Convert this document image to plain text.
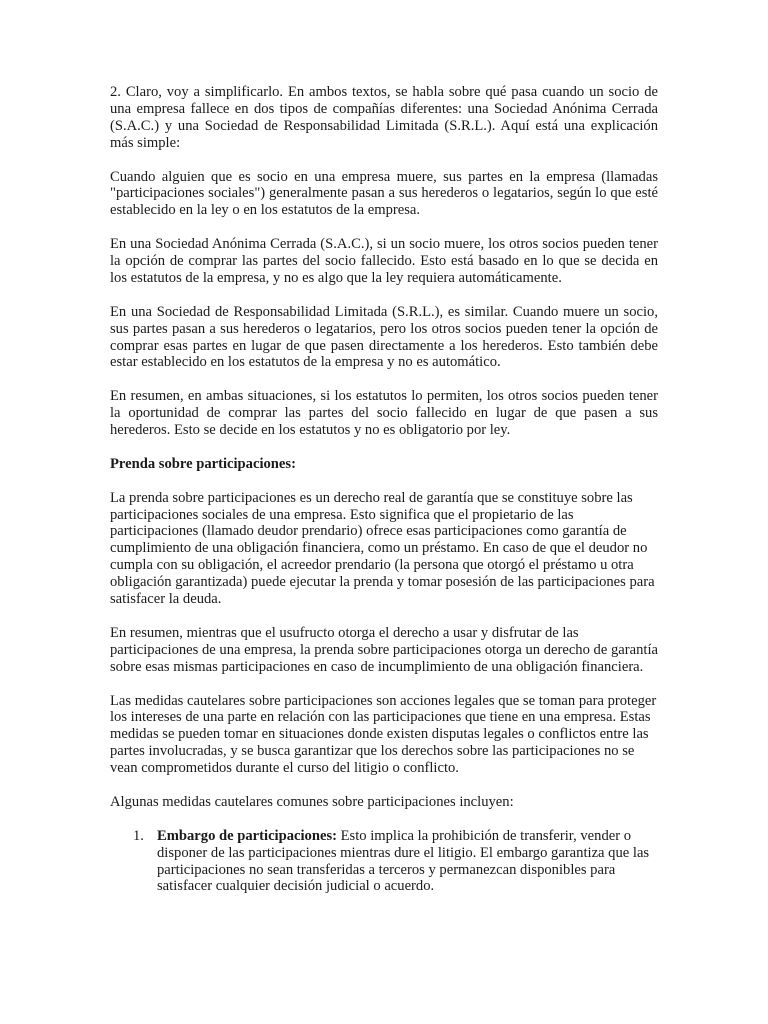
2. Claro, voy a simplificarlo. En ambos textos, se habla sobre qué pasa cuando un socio de una empresa fallece en dos tipos de compañías diferentes: una Sociedad Anónima Cerrada (S.A.C.) y una Sociedad de Responsabilidad Limitada (S.R.L.). Aquí está una explicación más simple:

Cuando alguien que es socio en una empresa muere, sus partes en la empresa (llamadas "participaciones sociales") generalmente pasan a sus herederos o legatarios, según lo que esté establecido en la ley o en los estatutos de la empresa.

En una Sociedad Anónima Cerrada (S.A.C.), si un socio muere, los otros socios pueden tener la opción de comprar las partes del socio fallecido. Esto está basado en lo que se decida en los estatutos de la empresa, y no es algo que la ley requiera automáticamente.

En una Sociedad de Responsabilidad Limitada (S.R.L.), es similar. Cuando muere un socio, sus partes pasan a sus herederos o legatarios, pero los otros socios pueden tener la opción de comprar esas partes en lugar de que pasen directamente a los herederos. Esto también debe estar establecido en los estatutos de la empresa y no es automático.

En resumen, en ambas situaciones, si los estatutos lo permiten, los otros socios pueden tener la oportunidad de comprar las partes del socio fallecido en lugar de que pasen a sus herederos. Esto se decide en los estatutos y no es obligatorio por ley.

Prenda sobre participaciones:

La prenda sobre participaciones es un derecho real de garantía que se constituye sobre las participaciones sociales de una empresa. Esto significa que el propietario de las participaciones (llamado deudor prendario) ofrece esas participaciones como garantía de cumplimiento de una obligación financiera, como un préstamo. En caso de que el deudor no cumpla con su obligación, el acreedor prendario (la persona que otorgó el préstamo u otra obligación garantizada) puede ejecutar la prenda y tomar posesión de las participaciones para satisfacer la deuda.

En resumen, mientras que el usufructo otorga el derecho a usar y disfrutar de las participaciones de una empresa, la prenda sobre participaciones otorga un derecho de garantía sobre esas mismas participaciones en caso de incumplimiento de una obligación financiera.

Las medidas cautelares sobre participaciones son acciones legales que se toman para proteger los intereses de una parte en relación con las participaciones que tiene en una empresa. Estas medidas se pueden tomar en situaciones donde existen disputas legales o conflictos entre las partes involucradas, y se busca garantizar que los derechos sobre las participaciones no se vean comprometidos durante el curso del litigio o conflicto.

Algunas medidas cautelares comunes sobre participaciones incluyen:

1. Embargo de participaciones: Esto implica la prohibición de transferir, vender o disponer de las participaciones mientras dure el litigio. El embargo garantiza que las participaciones no sean transferidas a terceros y permanezcan disponibles para satisfacer cualquier decisión judicial o acuerdo.
